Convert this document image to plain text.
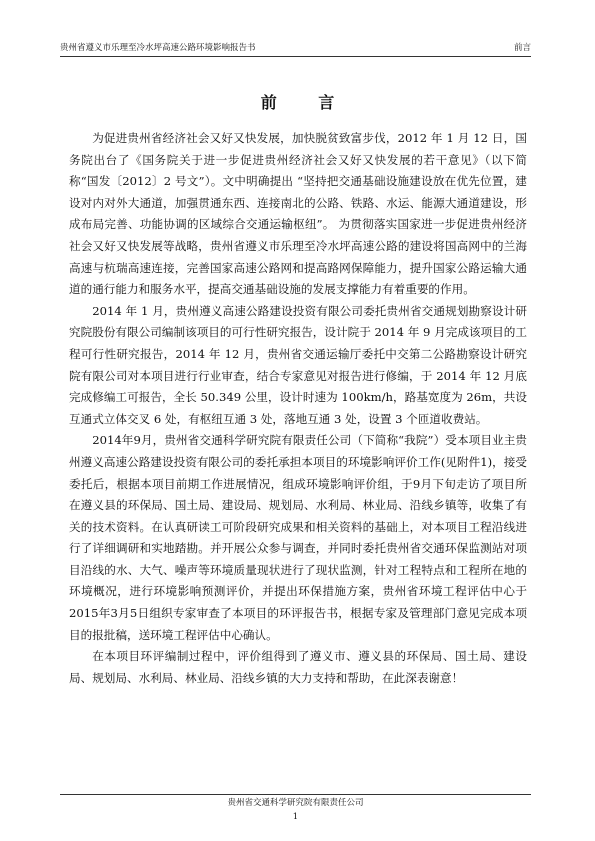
贵州省遵义市乐理至冷水坪高速公路环境影响报告书	前言
前 言

为促进贵州省经济社会又好又快发展，加快脱贫致富步伐，2012 年 1 月 12 日，国务院出台了《国务院关于进一步促进贵州经济社会又好又快发展的若干意见》（以下简称“国发〔2012〕2 号文”）。文中明确提出 “坚持把交通基础设施建设放在优先位置，建设对内对外大通道，加强贯通东西、连接南北的公路、铁路、水运、能源大通道建设，形成布局完善、功能协调的区域综合交通运输枢纽”。 为贯彻落实国家进一步促进贵州经济社会又好又快发展等战略，贵州省遵义市乐理至冷水坪高速公路的建设将国高网中的兰海高速与杭瑞高速连接，完善国家高速公路网和提高路网保障能力，提升国家公路运输大通道的通行能力和服务水平，提高交通基础设施的发展支撑能力有着重要的作用。

2014 年 1 月，贵州遵义高速公路建设投资有限公司委托贵州省交通规划勘察设计研究院股份有限公司编制该项目的可行性研究报告，设计院于 2014 年 9 月完成该项目的工程可行性研究报告，2014 年 12 月，贵州省交通运输厅委托中交第二公路勘察设计研究院有限公司对本项目进行行业审查，结合专家意见对报告进行修编，于 2014 年 12 月底完成修编工可报告，全长 50.349 公里，设计时速为 100km/h，路基宽度为 26m，共设互通式立体交叉 6 处，有枢纽互通 3 处，落地互通 3 处，设置 3 个匝道收费站。

2014年9月，贵州省交通科学研究院有限责任公司（下简称“我院”）受本项目业主贵州遵义高速公路建设投资有限公司的委托承担本项目的环境影响评价工作(见附件1)，接受委托后，根据本项目前期工作进展情况，组成环境影响评价组，于9月下旬走访了项目所在遵义县的环保局、国土局、建设局、规划局、水利局、林业局、沿线乡镇等，收集了有关的技术资料。在认真研读工可阶段研究成果和相关资料的基础上，对本项目工程沿线进行了详细调研和实地踏勘。并开展公众参与调查，并同时委托贵州省交通环保监测站对项目沿线的水、大气、噪声等环境质量现状进行了现状监测，针对工程特点和工程所在地的环境概况，进行环境影响预测评价，并提出环保措施方案，贵州省环境工程评估中心于2015年3月5日组织专家审查了本项目的环评报告书，根据专家及管理部门意见完成本项目的报批稿，送环境工程评估中心确认。

在本项目环评编制过程中，评价组得到了遵义市、遵义县的环保局、国土局、建设局、规划局、水利局、林业局、沿线乡镇的大力支持和帮助，在此深表谢意！

贵州省交通科学研究院有限责任公司
1
